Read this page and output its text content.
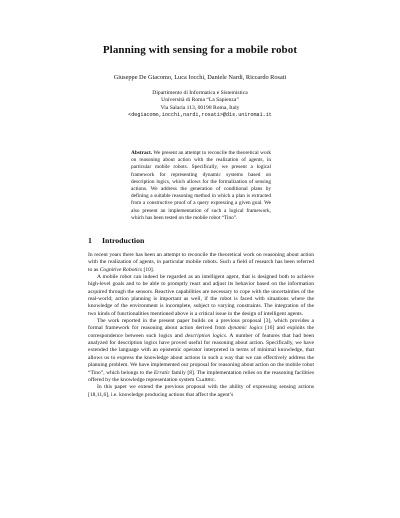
Planning with sensing for a mobile robot
Giuseppe De Giacomo, Luca Iocchi, Daniele Nardi, Riccardo Rosati
Dipartimento di Informatica e Sistemistica
Università di Roma “La Sapienza”
Via Salaria 113, 00198 Roma, Italy
<degiacomo,iocchi,nardi,rosati>@dis.uniroma1.it

Abstract. We present an attempt to reconcile the theoretical work on reasoning about action with the realization of agents, in particular mobile robots. Specifically, we present a logical framework for representing dynamic systems based on description logics, which allows for the formalization of sensing actions. We address the generation of conditional plans by defining a suitable reasoning method in which a plan is extracted from a constructive proof of a query expressing a given goal. We also present an implementation of such a logical framework, which has been tested on the mobile robot “Tino”.

1 Introduction

In recent years there has been an attempt to reconcile the theoretical work on reasoning about action with the realization of agents, in particular mobile robots. Such a field of research has been referred to as Cognitive Robotics [10].

A mobile robot can indeed be regarded as an intelligent agent, that is designed both to achieve high-level goals and to be able to promptly react and adjust its behavior based on the information acquired through the sensors. Reactive capabilities are necessary to cope with the uncertainties of the real-world; action planning is important as well, if the robot is faced with situations where the knowledge of the environment is incomplete, subject to varying constraints. The integration of the two kinds of functionalities mentioned above is a critical issue in the design of intelligent agents.

The work reported in the present paper builds on a previous proposal [3], which provides a formal framework for reasoning about action derived from dynamic logics [16] and exploits the correspondence between such logics and description logics. A number of features that had been analyzed for description logics have proved useful for reasoning about action. Specifically, we have extended the language with an epistemic operator interpreted in terms of minimal knowledge, that allows us to express the knowledge about actions in such a way that we can effectively address the planning problem. We have implemented our proposal for reasoning about action on the mobile robot “Tino”, which belongs to the Erratic family [8]. The implementation relies on the reasoning facilities offered by the knowledge representation system Cʟᴀꜱꜱɪᴄ.

In this paper we extend the previous proposal with the ability of expressing sensing actions [18,11,6], i.e. knowledge producing actions that affect the agent’s
